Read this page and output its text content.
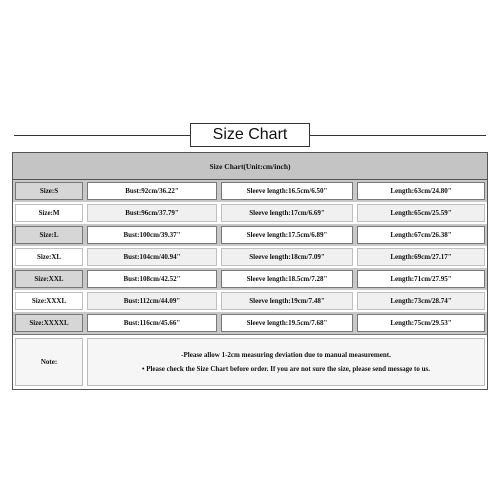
Size Chart
Size Chart(Unit:cm/inch)
Size:S	Bust:92cm/36.22"	Sleeve length:16.5cm/6.50"	Length:63cm/24.80"
Size:M	Bust:96cm/37.79"	Sleeve length:17cm/6.69"	Length:65cm/25.59"
Size:L	Bust:100cm/39.37"	Sleeve length:17.5cm/6.89"	Length:67cm/26.38"
Size:XL	Bust:104cm/40.94"	Sleeve length:18cm/7.09"	Length:69cm/27.17"
Size:XXL	Bust:108cm/42.52"	Sleeve length:18.5cm/7.28"	Length:71cm/27.95"
Size:XXXL	Bust:112cm/44.09"	Sleeve length:19cm/7.48"	Length:73cm/28.74"
Size:XXXXL	Bust:116cm/45.66"	Sleeve length:19.5cm/7.68"	Length:75cm/29.53"
Note:
-Please allow 1-2cm measuring deviation due to manual measurement.
• Please check the Size Chart before order. If you are not sure the size, please send message to us.
